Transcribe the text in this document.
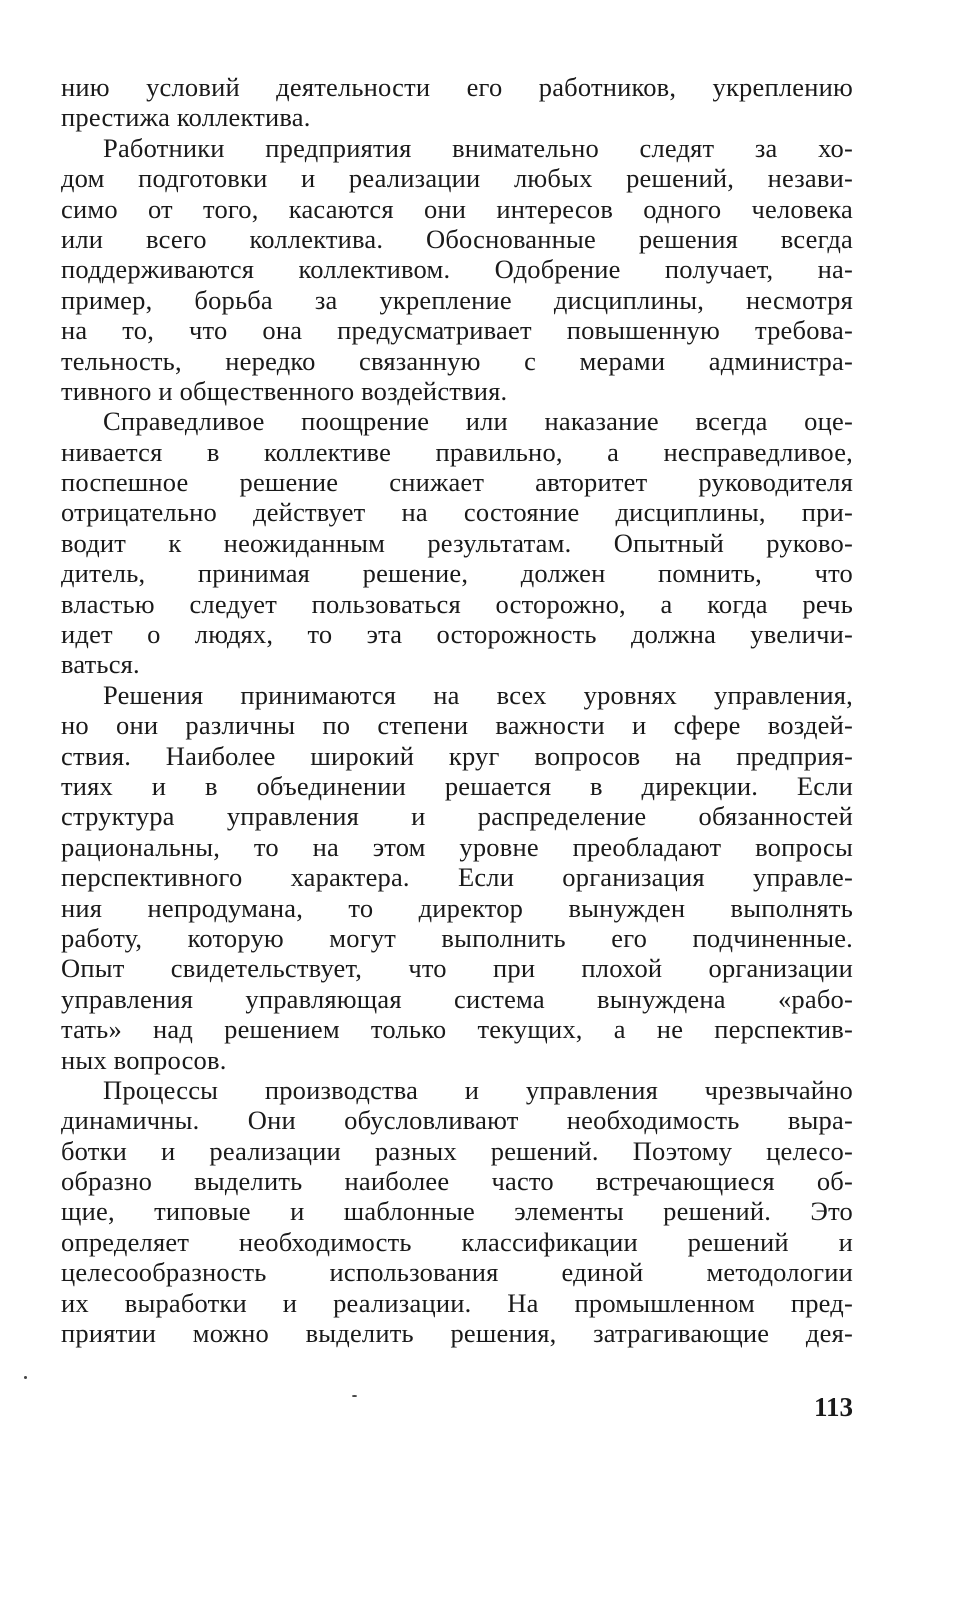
нию условий деятельности его работников, укреплению
престижа коллектива.
Работники предприятия внимательно следят за хо-
дом подготовки и реализации любых решений, незави-
симо от того, касаются они интересов одного человека
или всего коллектива. Обоснованные решения всегда
поддерживаются коллективом. Одобрение получает, на-
пример, борьба за укрепление дисциплины, несмотря
на то, что она предусматривает повышенную требова-
тельность, нередко связанную с мерами администра-
тивного и общественного воздействия.
Справедливое поощрение или наказание всегда оце-
нивается в коллективе правильно, а несправедливое,
поспешное решение снижает авторитет руководителя
отрицательно действует на состояние дисциплины, при-
водит к неожиданным результатам. Опытный руково-
дитель, принимая решение, должен помнить, что
властью следует пользоваться осторожно, а когда речь
идет о людях, то эта осторожность должна увеличи-
ваться.
Решения принимаются на всех уровнях управления,
но они различны по степени важности и сфере воздей-
ствия. Наиболее широкий круг вопросов на предприя-
тиях и в объединении решается в дирекции. Если
структура управления и распределение обязанностей
рациональны, то на этом уровне преобладают вопросы
перспективного характера. Если организация управле-
ния непродумана, то директор вынужден выполнять
работу, которую могут выполнить его подчиненные.
Опыт свидетельствует, что при плохой организации
управления управляющая система вынуждена «рабо-
тать» над решением только текущих, а не перспектив-
ных вопросов.
Процессы производства и управления чрезвычайно
динамичны. Они обусловливают необходимость выра-
ботки и реализации разных решений. Поэтому целесо-
образно выделить наиболее часто встречающиеся об-
щие, типовые и шаблонные элементы решений. Это
определяет необходимость классификации решений и
целесообразность использования единой методологии
их выработки и реализации. На промышленном пред-
приятии можно выделить решения, затрагивающие дея-
113
